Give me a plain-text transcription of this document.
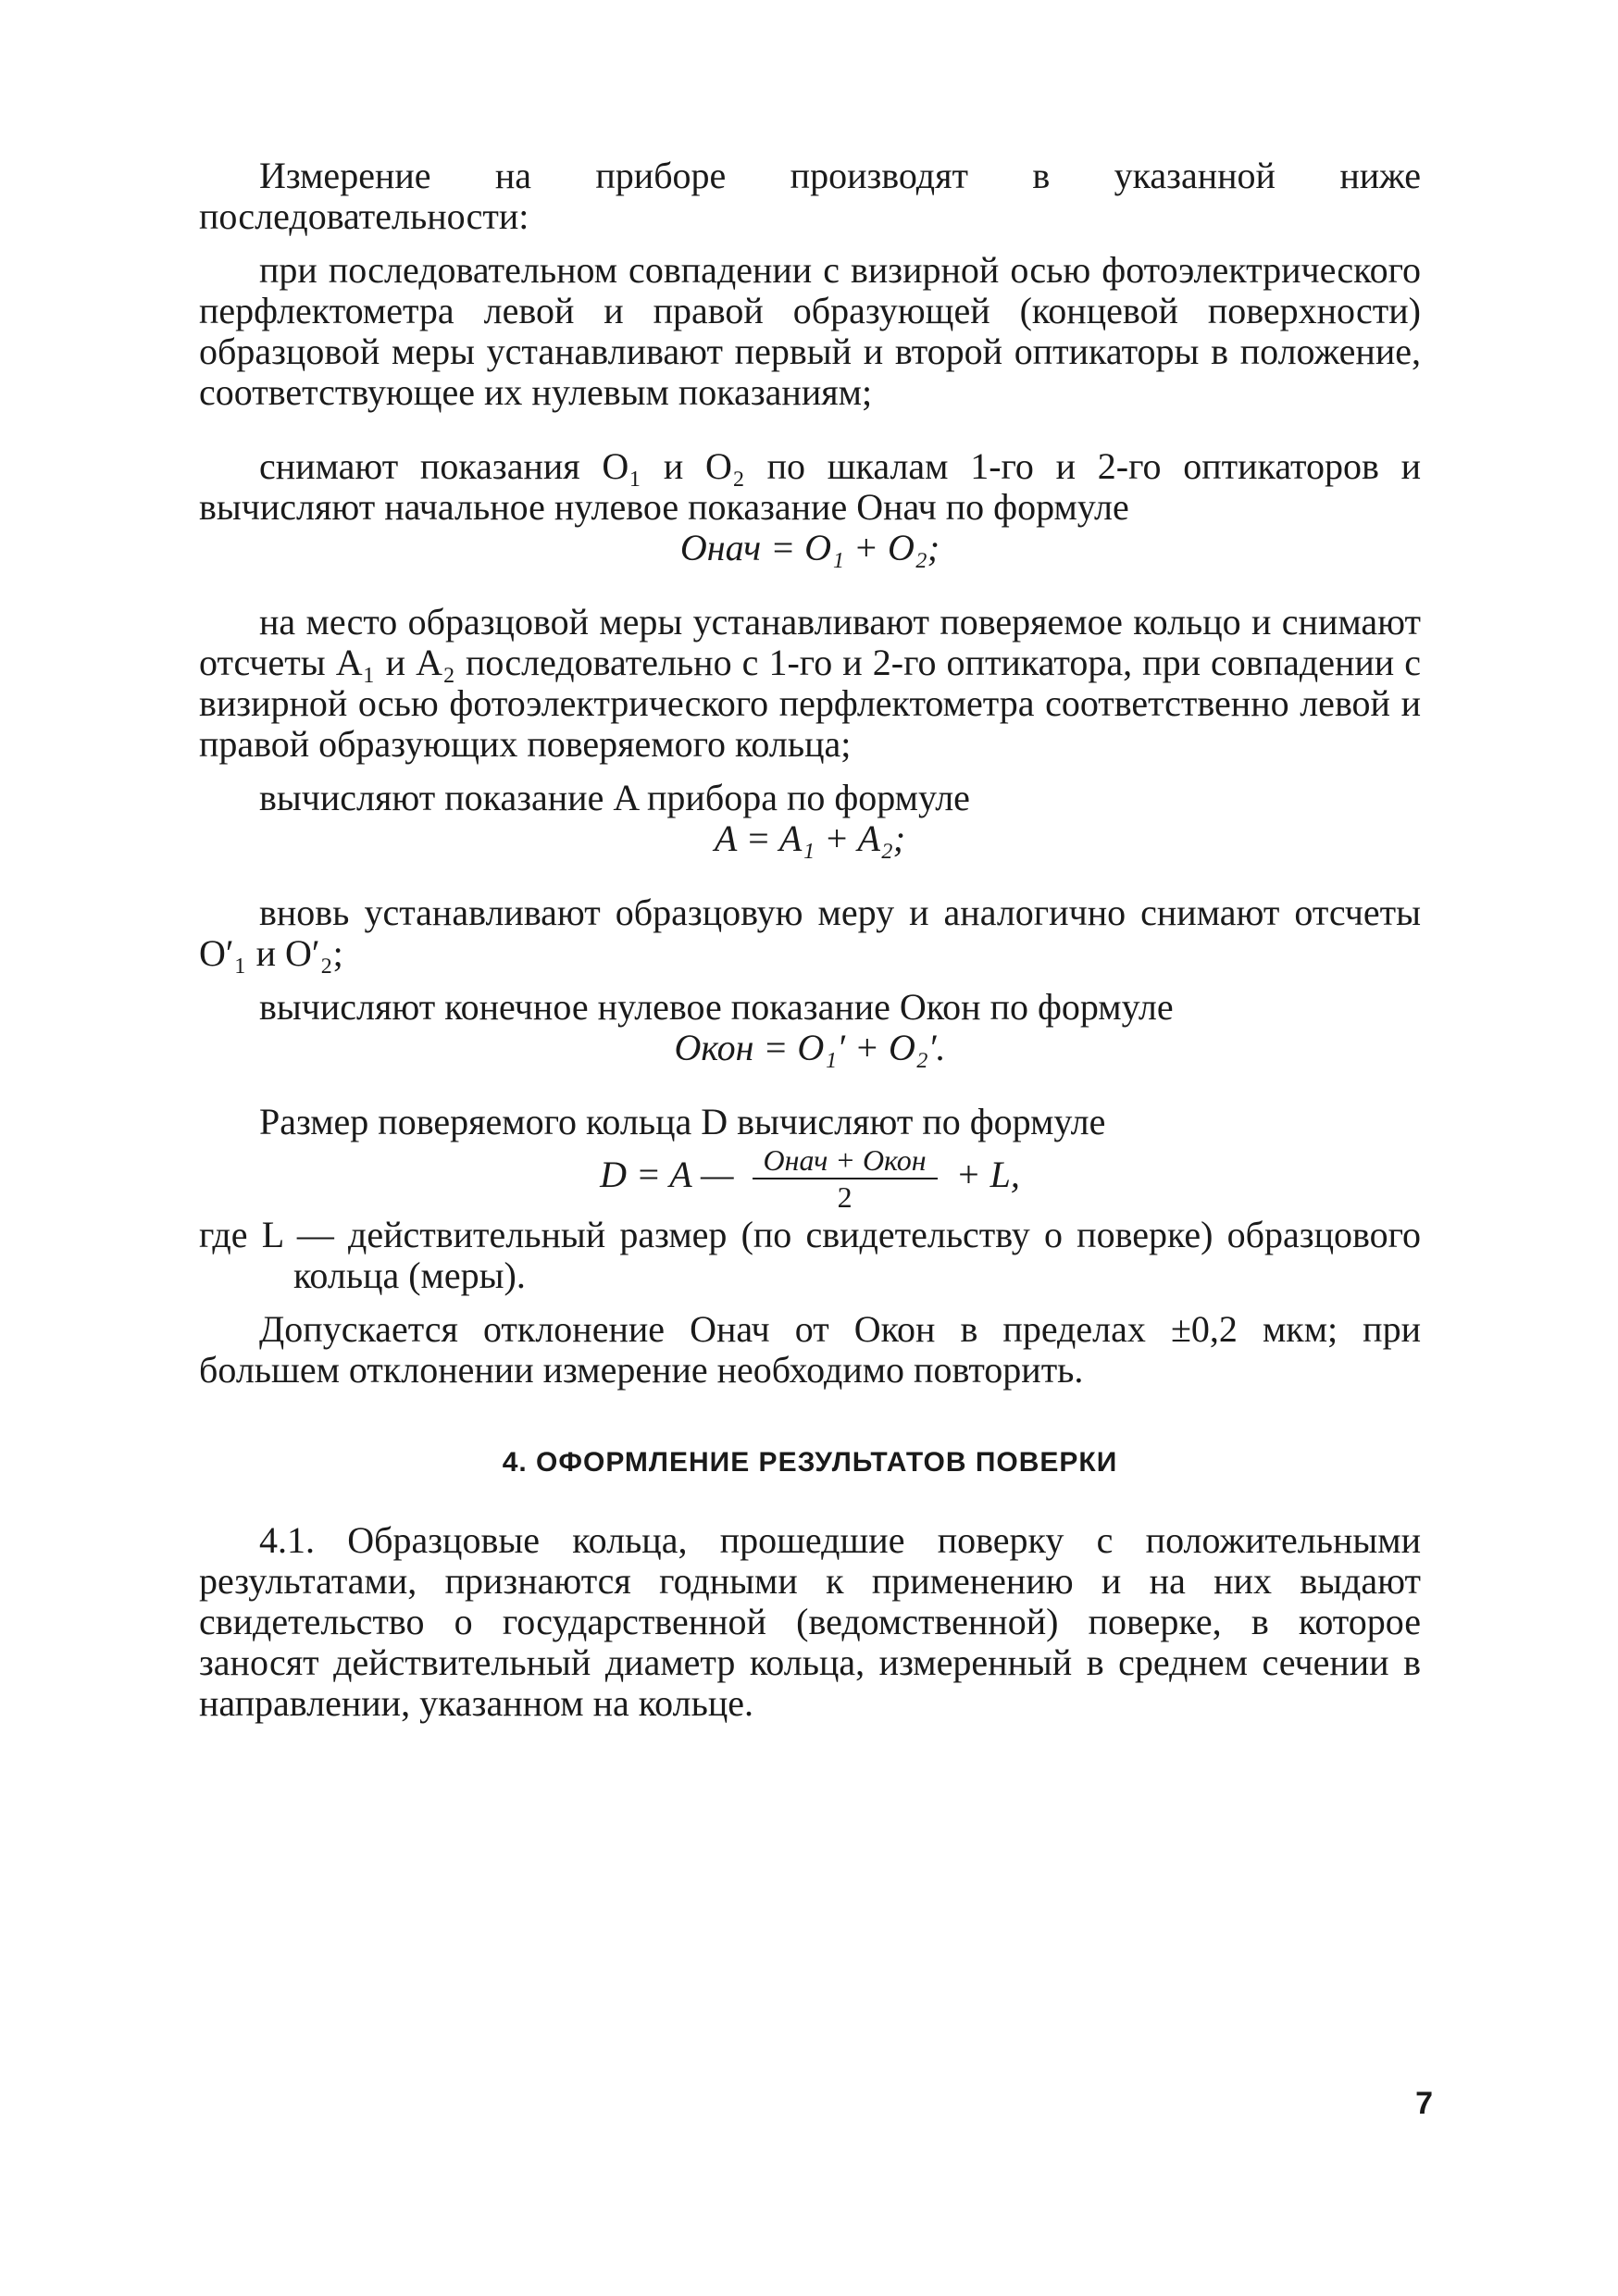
Измерение на приборе производят в указанной ниже последовательности:

при последовательном совпадении с визирной осью фотоэлектрического перфлектометра левой и правой образующей (концевой поверхности) образцовой меры устанавливают первый и второй оптикаторы в положение, соответствующее их нулевым показаниям;

снимают показания O₁ и O₂ по шкалам 1-го и 2-го оптикаторов и вычисляют начальное нулевое показание Oнач по формуле

Oнач = O₁ + O₂;

на место образцовой меры устанавливают поверяемое кольцо и снимают отсчеты A₁ и A₂ последовательно с 1-го и 2-го оптикатора, при совпадении с визирной осью фотоэлектрического перфлектометра соответственно левой и правой образующих поверяемого кольца;

вычисляют показание A прибора по формуле

A = A₁ + A₂;

вновь устанавливают образцовую меру и аналогично снимают отсчеты O′₁ и O′₂;

вычисляют конечное нулевое показание Oкон по формуле

Oкон = O₁′ + O₂′.

Размер поверяемого кольца D вычисляют по формуле

D = A — $\frac{\text{Oнач + Oкон}}{2} + L$,

где L — действительный размер (по свидетельству о поверке) образцового кольца (меры).

Допускается отклонение Oнач от Oкон в пределах ±0,2 мкм; при большем отклонении измерение необходимо повторить.

4. ОФОРМЛЕНИЕ РЕЗУЛЬТАТОВ ПОВЕРКИ

4.1. Образцовые кольца, прошедшие поверку с положительными результатами, признаются годными к применению и на них выдают свидетельство о государственной (ведомственной) поверке, в которое заносят действительный диаметр кольца, измеренный в среднем сечении в направлении, указанном на кольце.

7
